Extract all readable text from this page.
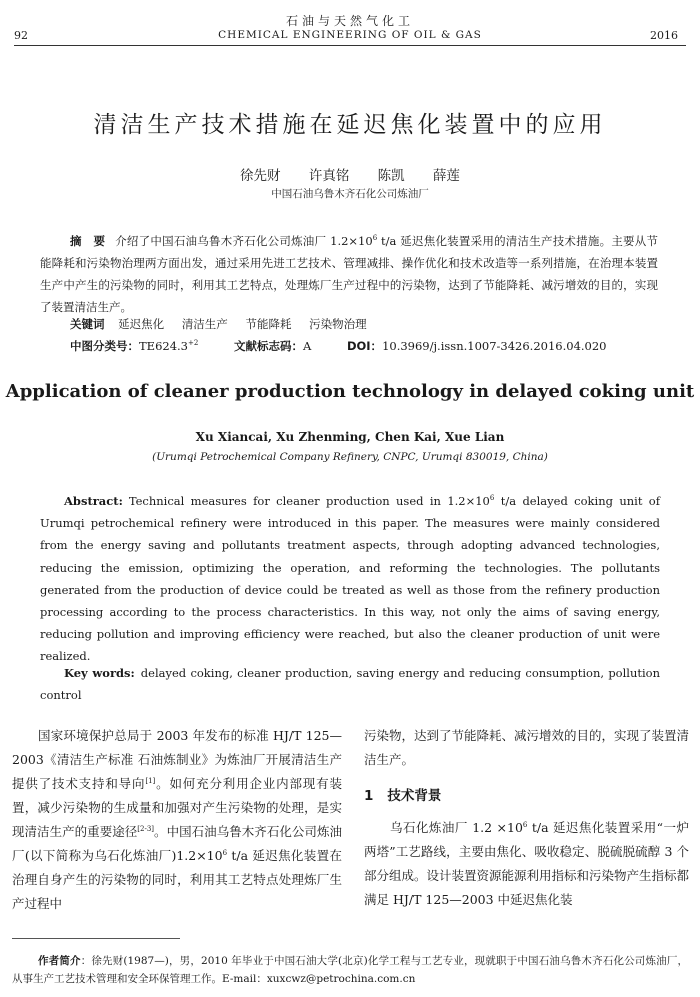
石油与天然气化工
92	CHEMICAL ENGINEERING OF OIL & GAS	2016
清洁生产技术措施在延迟焦化装置中的应用
徐先财 许真铭 陈凯 薛莲
中国石油乌鲁木齐石化公司炼油厂
摘　要 介绍了中国石油乌鲁木齐石化公司炼油厂 $1.2\times 10^6$ t/a 延迟焦化装置采用的清洁生产技术措施。主要从节能降耗和污染物治理两方面出发，通过采用先进工艺技术、管理减排、操作优化和技术改造等一系列措施，在治理本装置生产中产生的污染物的同时，利用其工艺特点，处理炼厂生产过程中的污染物，达到了节能降耗、减污增效的目的，实现了装置清洁生产。
关键词 延迟焦化 清洁生产 节能降耗 污染物治理
中图分类号：$TE624.3^{+2}$	文献标志码：A	DOI：10.3969/j.issn.1007-3426.2016.04.020
Application of cleaner production technology in delayed coking unit
Xu Xiancai, Xu Zhenming, Chen Kai, Xue Lian
(Urumqi Petrochemical Company Refinery, CNPC, Urumqi 830019, China)
Abstract: Technical measures for cleaner production used in $1.2\times 10^6$ t/a delayed coking unit of Urumqi petrochemical refinery were introduced in this paper. The measures were mainly considered from the energy saving and pollutants treatment aspects, through adopting advanced technologies, reducing the emission, optimizing the operation, and reforming the technologies. The pollutants generated from the production of device could be treated as well as those from the refinery production processing according to the process characteristics. In this way, not only the aims of saving energy, reducing pollution and improving efficiency were reached, but also the cleaner production of unit were realized.
Key words: delayed coking, cleaner production, saving energy and reducing consumption, pollution control
国家环境保护总局于 2003 年发布的标准 HJ/T 125—2003《清洁生产标准 石油炼制业》为炼油厂开展清洁生产提供了技术支持和导向[1]。如何充分利用企业内部现有装置，减少污染物的生成量和加强对产生污染物的处理，是实现清洁生产的重要途径[2-3]。中国石油乌鲁木齐石化公司炼油厂(以下简称为乌石化炼油厂)$1.2\times 10^6$ t/a 延迟焦化装置在治理自身产生的污染物的同时，利用其工艺特点处理炼厂生产过程中
污染物，达到了节能降耗、减污增效的目的，实现了装置清洁生产。
1 技术背景
乌石化炼油厂 $1.2 \times 10^6$ t/a 延迟焦化装置采用“一炉两塔”工艺路线，主要由焦化、吸收稳定、脱硫脱硫醇 3 个部分组成。设计装置资源能源利用指标和污染物产生指标都满足 HJ/T 125—2003 中延迟焦化装
作者简介：徐先财(1987—)，男，2010 年毕业于中国石油大学(北京)化学工程与工艺专业，现就职于中国石油乌鲁木齐石化公司炼油厂，从事生产工艺技术管理和安全环保管理工作。E-mail：xuxcwz@petrochina.com.cn
